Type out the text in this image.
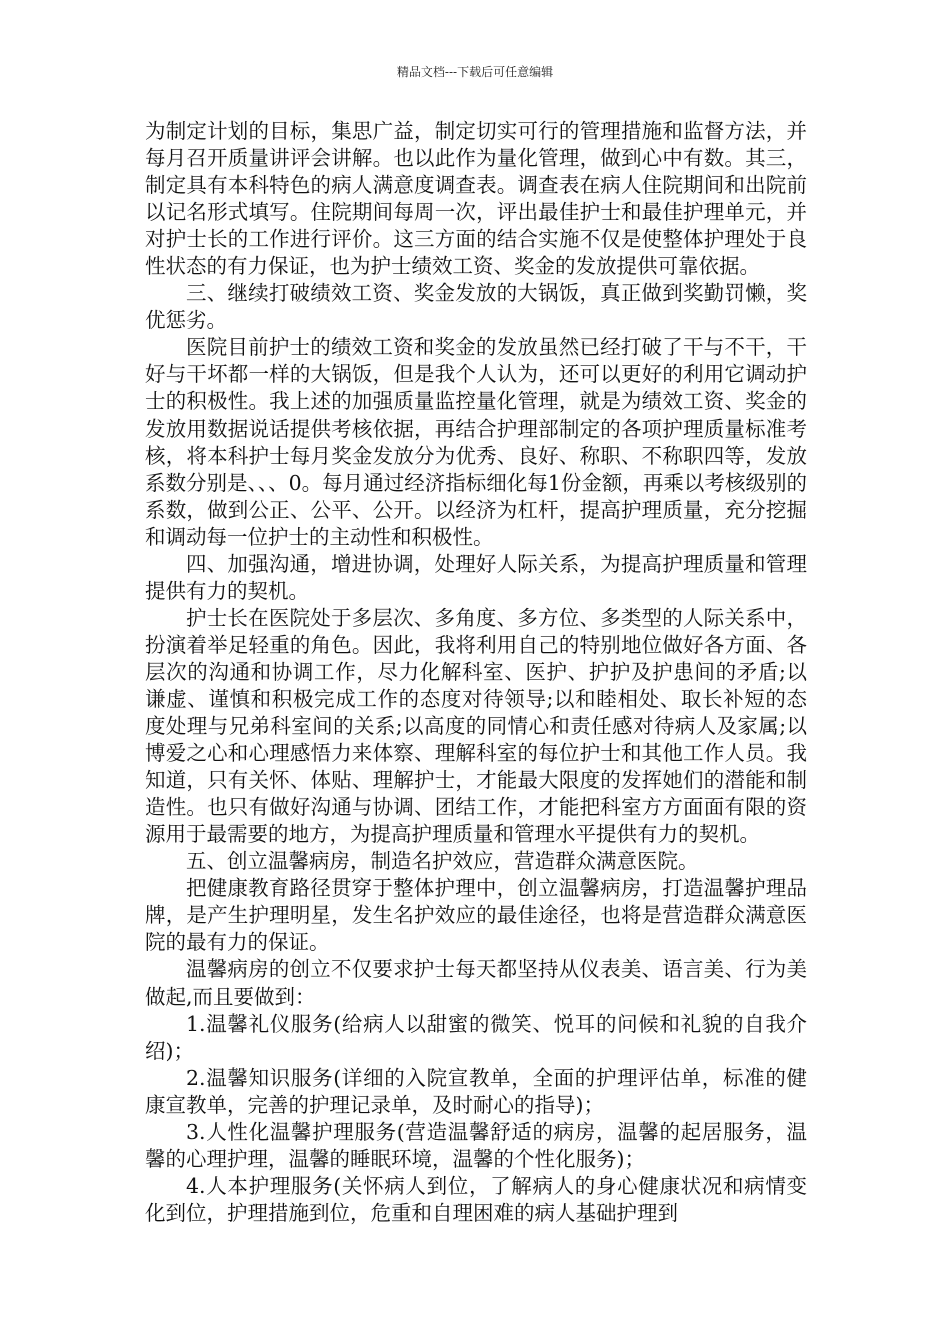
精品文档---下载后可任意编辑

为制定计划的目标，集思广益，制定切实可行的管理措施和监督方法，并每月召开质量讲评会讲解。也以此作为量化管理，做到心中有数。其三，制定具有本科特色的病人满意度调查表。调查表在病人住院期间和出院前以记名形式填写。住院期间每周一次，评出最佳护士和最佳护理单元，并对护士长的工作进行评价。这三方面的结合实施不仅是使整体护理处于良性状态的有力保证，也为护士绩效工资、奖金的发放提供可靠依据。

三、继续打破绩效工资、奖金发放的大锅饭，真正做到奖勤罚懒，奖优惩劣。

医院目前护士的绩效工资和奖金的发放虽然已经打破了干与不干，干好与干坏都一样的大锅饭，但是我个人认为，还可以更好的利用它调动护士的积极性。我上述的加强质量监控量化管理，就是为绩效工资、奖金的发放用数据说话提供考核依据，再结合护理部制定的各项护理质量标准考核，将本科护士每月奖金发放分为优秀、良好、称职、不称职四等，发放系数分别是、、、0。每月通过经济指标细化每1份金额，再乘以考核级别的系数，做到公正、公平、公开。以经济为杠杆，提高护理质量，充分挖掘和调动每一位护士的主动性和积极性。

四、加强沟通，增进协调，处理好人际关系，为提高护理质量和管理提供有力的契机。

护士长在医院处于多层次、多角度、多方位、多类型的人际关系中，扮演着举足轻重的角色。因此，我将利用自己的特别地位做好各方面、各层次的沟通和协调工作，尽力化解科室、医护、护护及护患间的矛盾;以谦虚、谨慎和积极完成工作的态度对待领导;以和睦相处、取长补短的态度处理与兄弟科室间的关系;以高度的同情心和责任感对待病人及家属;以博爱之心和心理感悟力来体察、理解科室的每位护士和其他工作人员。我知道，只有关怀、体贴、理解护士，才能最大限度的发挥她们的潜能和制造性。也只有做好沟通与协调、团结工作，才能把科室方方面面有限的资源用于最需要的地方，为提高护理质量和管理水平提供有力的契机。

五、创立温馨病房，制造名护效应，营造群众满意医院。

把健康教育路径贯穿于整体护理中，创立温馨病房，打造温馨护理品牌，是产生护理明星，发生名护效应的最佳途径，也将是营造群众满意医院的最有力的保证。

温馨病房的创立不仅要求护士每天都坚持从仪表美、语言美、行为美做起,而且要做到：

1.温馨礼仪服务(给病人以甜蜜的微笑、悦耳的问候和礼貌的自我介绍)；

2.温馨知识服务(详细的入院宣教单，全面的护理评估单，标准的健康宣教单，完善的护理记录单，及时耐心的指导)；

3.人性化温馨护理服务(营造温馨舒适的病房，温馨的起居服务，温馨的心理护理，温馨的睡眠环境，温馨的个性化服务)；

4.人本护理服务(关怀病人到位，了解病人的身心健康状况和病情变化到位，护理措施到位，危重和自理困难的病人基础护理到
